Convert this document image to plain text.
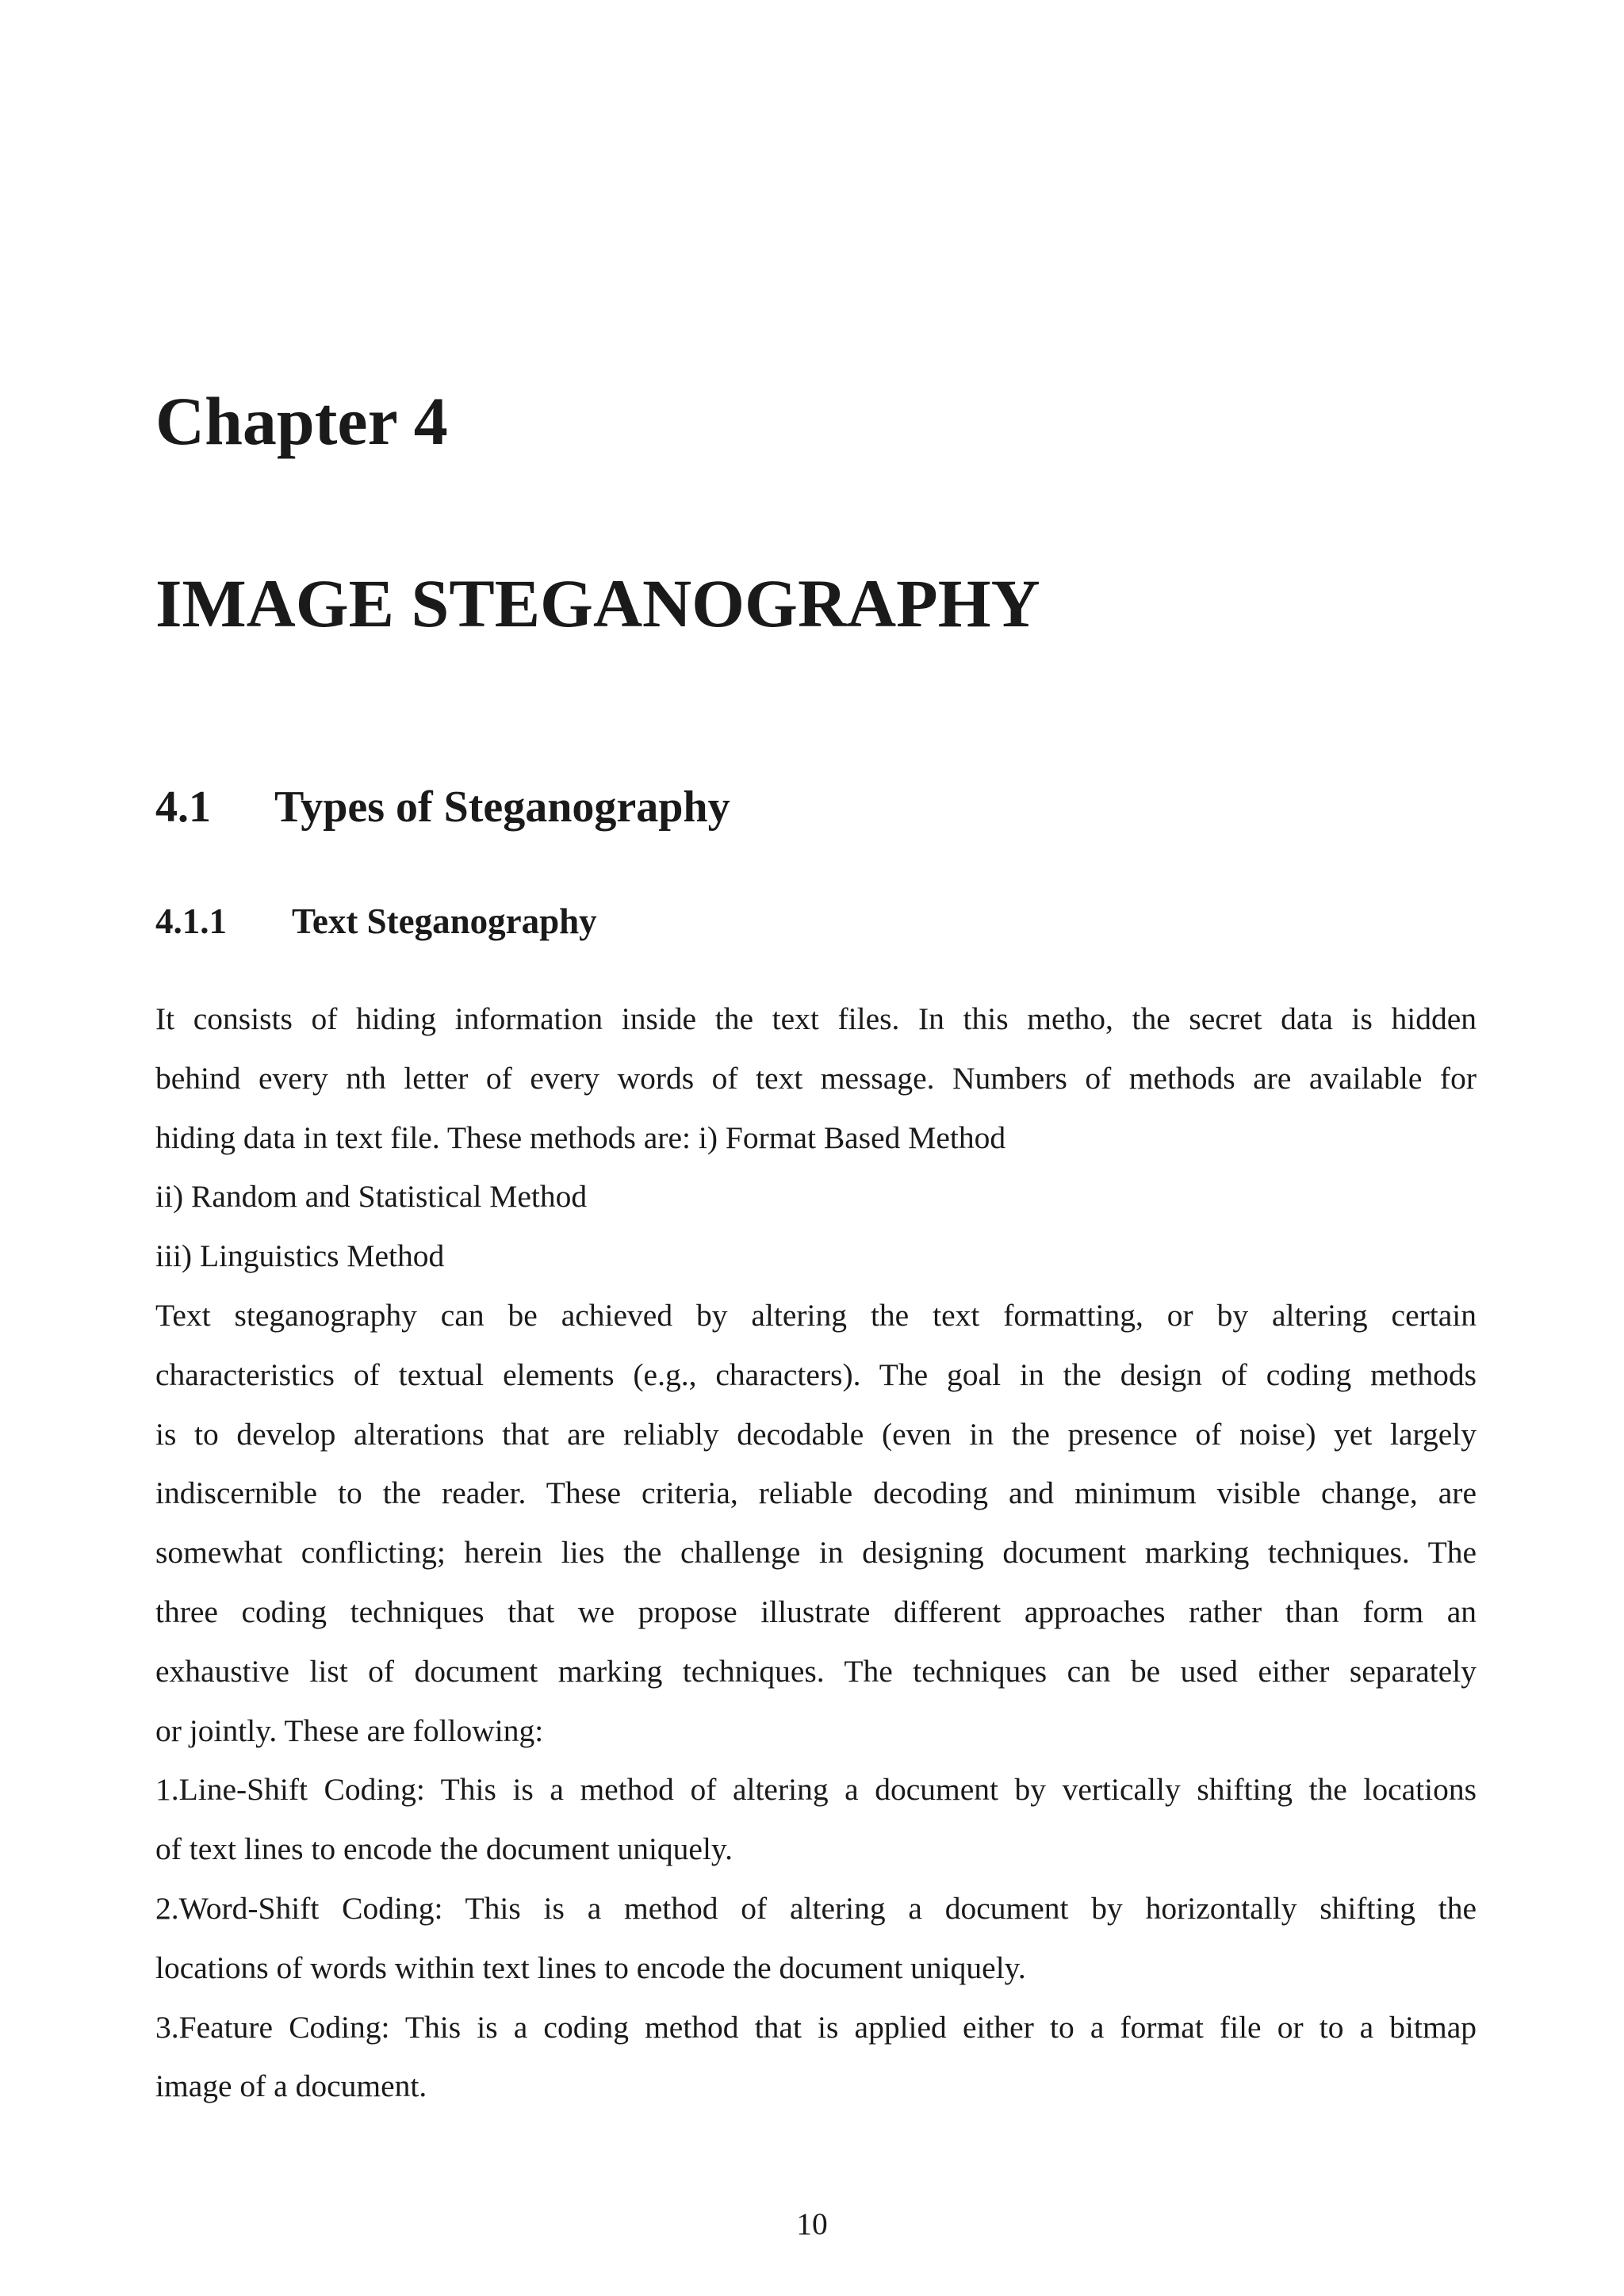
Chapter 4
IMAGE STEGANOGRAPHY
4.1 Types of Steganography
4.1.1 Text Steganography
It consists of hiding information inside the text files. In this metho, the secret data is hidden
behind every nth letter of every words of text message. Numbers of methods are available for
hiding data in text file. These methods are: i) Format Based Method
ii) Random and Statistical Method
iii) Linguistics Method
Text steganography can be achieved by altering the text formatting, or by altering certain
characteristics of textual elements (e.g., characters). The goal in the design of coding methods
is to develop alterations that are reliably decodable (even in the presence of noise) yet largely
indiscernible to the reader. These criteria, reliable decoding and minimum visible change, are
somewhat conflicting; herein lies the challenge in designing document marking techniques. The
three coding techniques that we propose illustrate different approaches rather than form an
exhaustive list of document marking techniques. The techniques can be used either separately
or jointly. These are following:
1.Line-Shift Coding: This is a method of altering a document by vertically shifting the locations
of text lines to encode the document uniquely.
2.Word-Shift Coding: This is a method of altering a document by horizontally shifting the
locations of words within text lines to encode the document uniquely.
3.Feature Coding: This is a coding method that is applied either to a format file or to a bitmap
image of a document.
10
